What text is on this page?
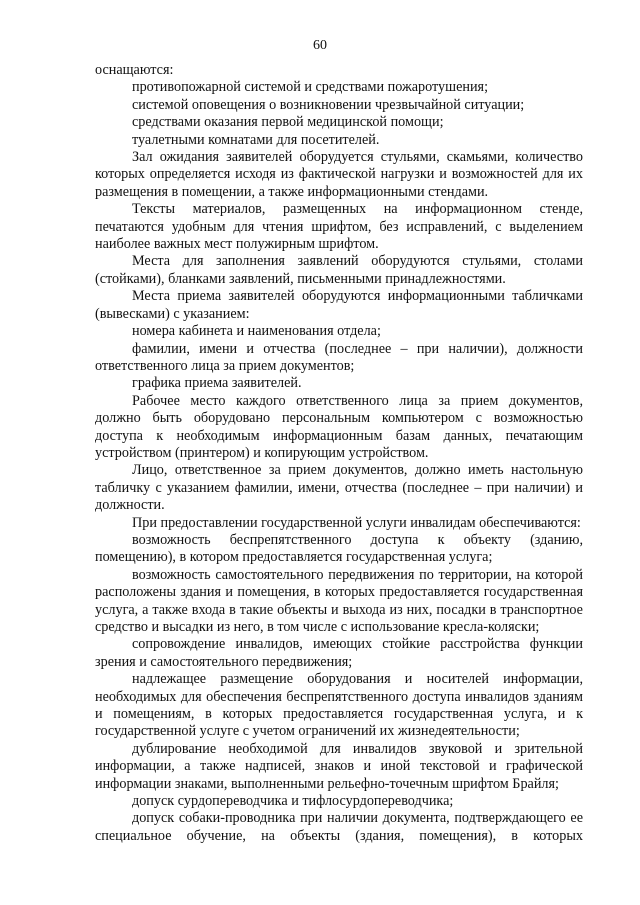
60

оснащаются:

противопожарной системой и средствами пожаротушения;

системой оповещения о возникновении чрезвычайной ситуации;

средствами оказания первой медицинской помощи;

туалетными комнатами для посетителей.

Зал ожидания заявителей оборудуется стульями, скамьями, количество которых определяется исходя из фактической нагрузки и возможностей для их размещения в помещении, а также информационными стендами.

Тексты материалов, размещенных на информационном стенде, печатаются удобным для чтения шрифтом, без исправлений, с выделением наиболее важных мест полужирным шрифтом.

Места для заполнения заявлений оборудуются стульями, столами (стойками), бланками заявлений, письменными принадлежностями.

Места приема заявителей оборудуются информационными табличками (вывесками) с указанием:

номера кабинета и наименования отдела;

фамилии, имени и отчества (последнее – при наличии), должности ответственного лица за прием документов;

графика приема заявителей.

Рабочее место каждого ответственного лица за прием документов, должно быть оборудовано персональным компьютером с возможностью доступа к необходимым информационным базам данных, печатающим устройством (принтером) и копирующим устройством.

Лицо, ответственное за прием документов, должно иметь настольную табличку с указанием фамилии, имени, отчества (последнее – при наличии) и должности.

При предоставлении государственной услуги инвалидам обеспечиваются:

возможность беспрепятственного доступа к объекту (зданию, помещению), в котором предоставляется государственная услуга;

возможность самостоятельного передвижения по территории, на которой расположены здания и помещения, в которых предоставляется государственная услуга, а также входа в такие объекты и выхода из них, посадки в транспортное средство и высадки из него, в том числе с использование кресла-коляски;

сопровождение инвалидов, имеющих стойкие расстройства функции зрения и самостоятельного передвижения;

надлежащее размещение оборудования и носителей информации, необходимых для обеспечения беспрепятственного доступа инвалидов зданиям и помещениям, в которых предоставляется государственная услуга, и к государственной услуге с учетом ограничений их жизнедеятельности;

дублирование необходимой для инвалидов звуковой и зрительной информации, а также надписей, знаков и иной текстовой и графической информации знаками, выполненными рельефно-точечным шрифтом Брайля;

допуск сурдопереводчика и тифлосурдопереводчика;

допуск собаки-проводника при наличии документа, подтверждающего ее специальное обучение, на объекты (здания, помещения), в которых
